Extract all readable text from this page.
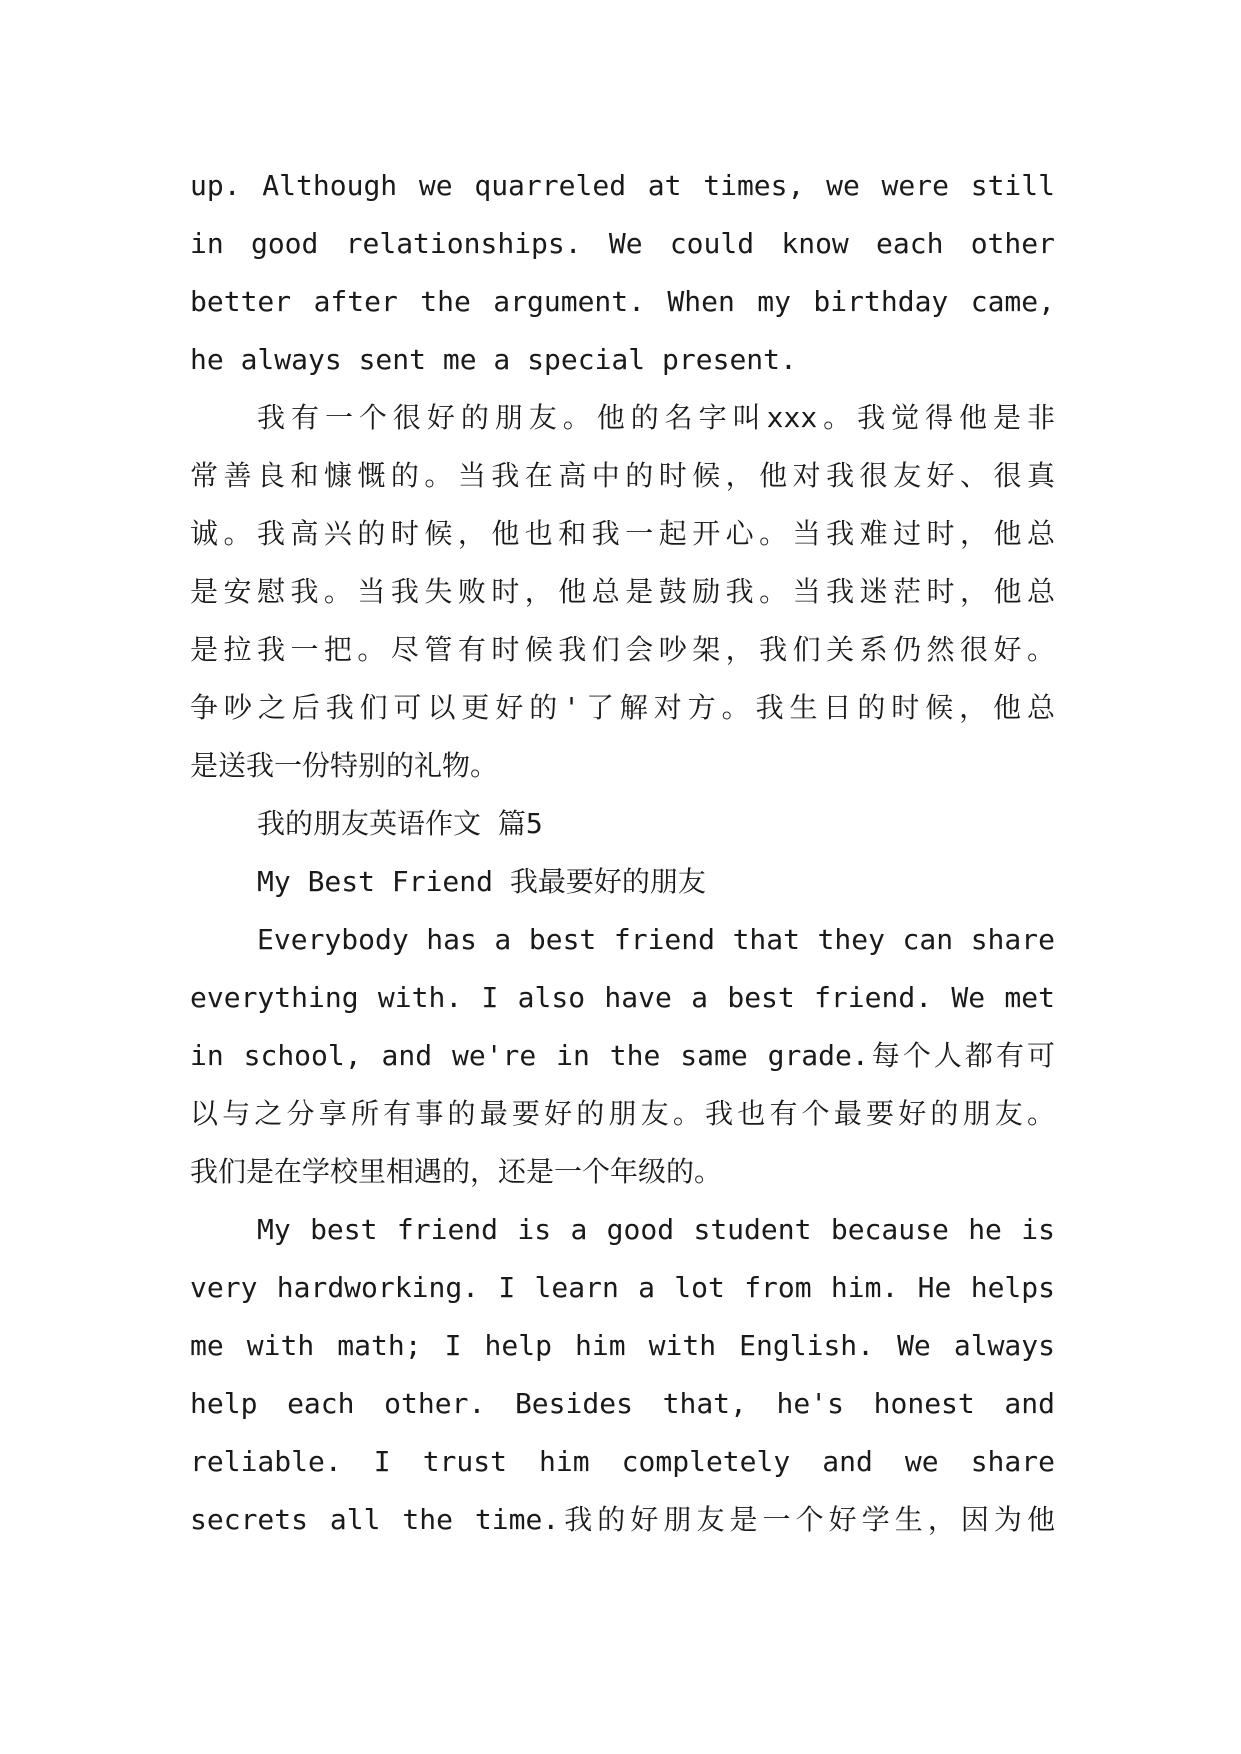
up. Although we quarreled at times, we were still
in good relationships. We could know each other
better after the argument. When my birthday came,
he always sent me a special present.
我有一个很好的朋友。他的名字叫xxx。我觉得他是非
常善良和慷慨的。当我在高中的时候，他对我很友好、很真
诚。我高兴的时候，他也和我一起开心。当我难过时，他总
是安慰我。当我失败时，他总是鼓励我。当我迷茫时，他总
是拉我一把。尽管有时候我们会吵架，我们关系仍然很好。
争吵之后我们可以更好的'了解对方。我生日的时候，他总
是送我一份特别的礼物。
我的朋友英语作文 篇5
My Best Friend 我最要好的朋友
Everybody has a best friend that they can share
everything with. I also have a best friend. We met
in school, and we're in the same grade.每个人都有可
以与之分享所有事的最要好的朋友。我也有个最要好的朋友。
我们是在学校里相遇的，还是一个年级的。
My best friend is a good student because he is
very hardworking. I learn a lot from him. He helps
me with math; I help him with English. We always
help each other. Besides that, he's honest and
reliable. I trust him completely and we share
secrets all the time.我的好朋友是一个好学生，因为他
